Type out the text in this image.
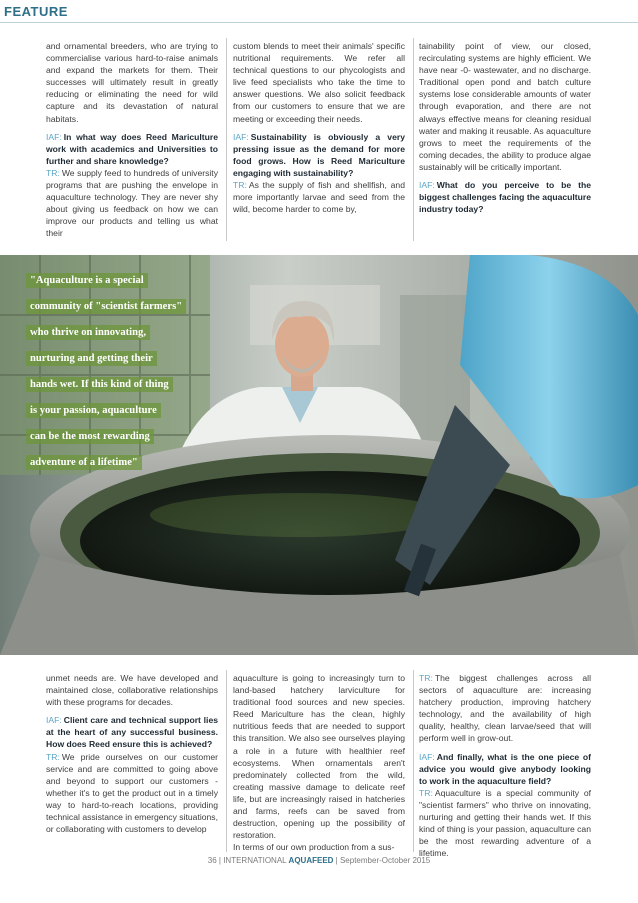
FEATURE

and ornamental breeders, who are trying to commercialise various hard-to-raise animals and expand the markets for them. Their successes will ultimately result in greatly reducing or eliminating the need for wild capture and its devastation of natural habitats.

IAF: In what way does Reed Mariculture work with academics and Universities to further and share knowledge?

TR: We supply feed to hundreds of university programs that are pushing the envelope in aquaculture technology. They are never shy about giving us feedback on how we can improve our products and telling us what their

custom blends to meet their animals' specific nutritional requirements. We refer all technical questions to our phycologists and live feed specialists who take the time to answer questions. We also solicit feedback from our customers to ensure that we are meeting or exceeding their needs.

IAF: Sustainability is obviously a very pressing issue as the demand for more food grows. How is Reed Mariculture engaging with sustainability?

TR: As the supply of fish and shellfish, and more importantly larvae and seed from the wild, become harder to come by,

tainability point of view, our closed, recirculating systems are highly efficient. We have near -0- wastewater, and no discharge. Traditional open pond and batch culture systems lose considerable amounts of water through evaporation, and there are not always effective means for cleaning residual water and making it reusable. As aquaculture grows to meet the requirements of the coming decades, the ability to produce algae sustainably will be critically important.

IAF: What do you perceive to be the biggest challenges facing the aquaculture industry today?

"Aquaculture is a special
community of "scientist farmers"
who thrive on innovating,
nurturing and getting their
hands wet. If this kind of thing
is your passion, aquaculture
can be the most rewarding
adventure of a lifetime"

unmet needs are. We have developed and maintained close, collaborative relationships with these programs for decades.

IAF: Client care and technical support lies at the heart of any successful business. How does Reed ensure this is achieved?

TR: We pride ourselves on our customer service and are committed to going above and beyond to support our customers - whether it's to get the product out in a timely way to hard-to-reach locations, providing technical assistance in emergency situations, or collaborating with customers to develop

aquaculture is going to increasingly turn to land-based hatchery larviculture for traditional food sources and new species. Reed Mariculture has the clean, highly nutritious feeds that are needed to support this transition. We also see ourselves playing a role in a future with healthier reef ecosystems. When ornamentals aren't predominately collected from the wild, creating massive damage to delicate reef life, but are increasingly raised in hatcheries and farms, reefs can be saved from destruction, opening up the possibility of restoration.

In terms of our own production from a sus-

TR: The biggest challenges across all sectors of aquaculture are: increasing hatchery production, improving hatchery technology, and the availability of high quality, healthy, clean larvae/seed that will perform well in grow-out.

IAF: And finally, what is the one piece of advice you would give anybody looking to work in the aquaculture field?

TR: Aquaculture is a special community of "scientist farmers" who thrive on innovating, nurturing and getting their hands wet. If this kind of thing is your passion, aquaculture can be the most rewarding adventure of a lifetime.

36 | INTERNATIONAL AQUAFEED | September-October 2015
